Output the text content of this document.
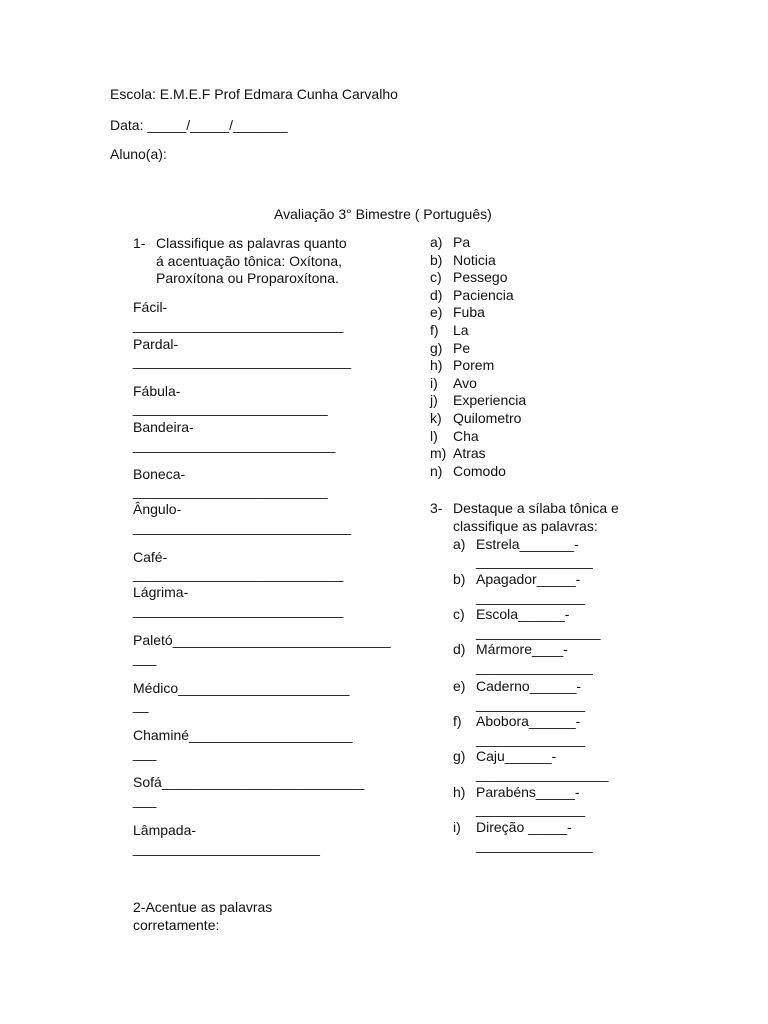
Escola: E.M.E.F Prof Edmara Cunha Carvalho
Data: _____/_____/_______
Aluno(a):
Avaliação 3° Bimestre ( Português)
1- Classifique as palavras quanto
á acentuação tônica: Oxítona,
Paroxítona ou Proparoxítona.
Fácil-
___________________________
Pardal-
____________________________
Fábula-
_________________________
Bandeira-
__________________________
Boneca-
_________________________
Ângulo-
____________________________
Café-
___________________________
Lágrima-
___________________________
Paletó____________________________
___
Médico______________________
__
Chaminé_____________________
___
Sofá__________________________
___
Lâmpada-
________________________
2-Acentue as palavras
corretamente:
a) Pa
b) Noticia
c) Pessego
d) Paciencia
e) Fuba
f)	La
g) Pe
h) Porem
i)	Avo
j)	Experiencia
k) Quilometro
l)	Cha
m) Atras
n) Comodo
3- Destaque a sílaba tônica e
classifique as palavras:
a) Estrela_______-
_______________
b) Apagador_____-
______________
c) Escola______-
________________
d) Mármore____-
_______________
e) Caderno______-
______________
f) Abobora______-
______________
g) Caju______-
_________________
h) Parabéns_____-
______________
i) Direção _____-
_______________
